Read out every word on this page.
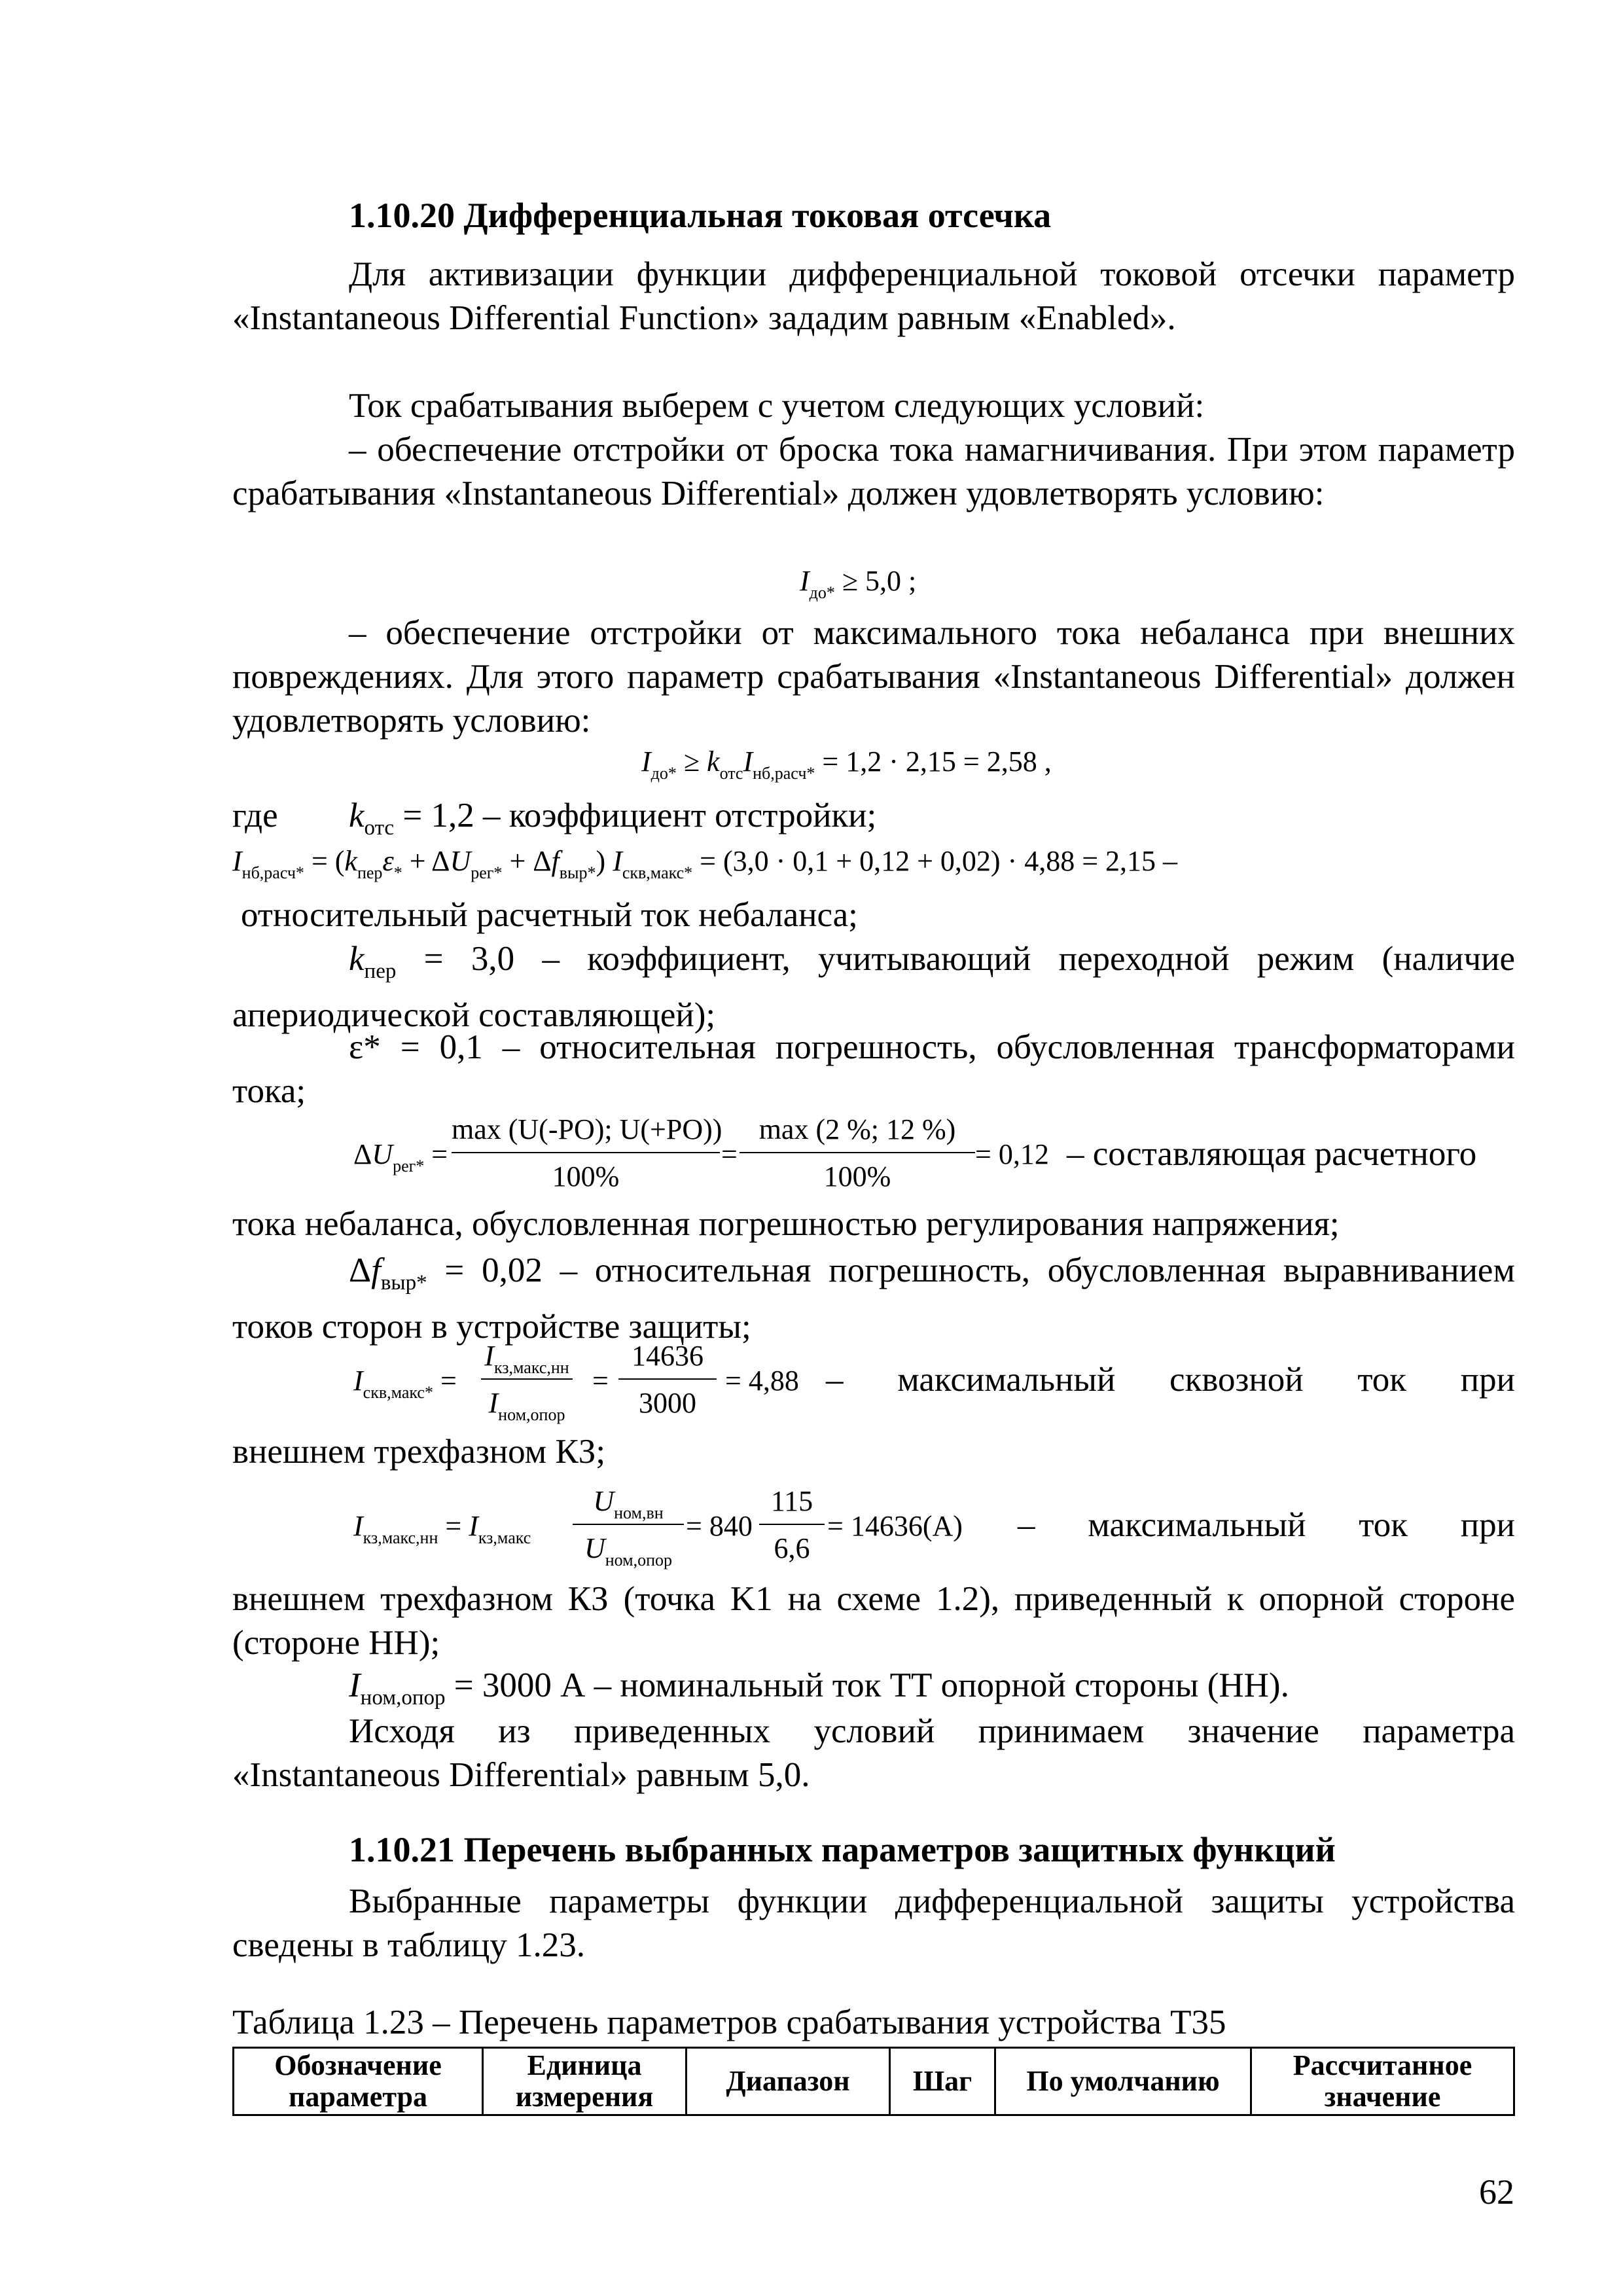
1.10.20 Дифференциальная токовая отсечка
Для активизации функции дифференциальной токовой отсечки параметр «Instantaneous Differential Function» зададим равным «Enabled».
Ток срабатывания выберем с учетом следующих условий:
– обеспечение отстройки от броска тока намагничивания. При этом параметр срабатывания «Instantaneous Differential» должен удовлетворять условию:
$I_{до*} \ge 5,0$ ;
– обеспечение отстройки от максимального тока небаланса при внешних повреждениях. Для этого параметр срабатывания «Instantaneous Differential» должен удовлетворять условию:
$I_{до*} \ge k_{отс}I_{нб,расч*} = 1,2 \cdot 2,15 = 2,58$ ,
где $k_{отс} = 1,2$ – коэффициент отстройки;
$I_{нб,расч*} = (k_{пер}\varepsilon_* + \Delta U_{рег*} + \Delta f_{выр*}) I_{скв,макс*} = (3,0 \cdot 0,1 + 0,12 + 0,02) \cdot 4,88 = 2,15$ –
относительный расчетный ток небаланса;
$k_{пер} = 3,0$ – коэффициент, учитывающий переходной режим (наличие апериодической составляющей);
ε* = 0,1 – относительная погрешность, обусловленная трансформаторами тока;
$\Delta U_{рег*}$ =
max (U(-PO); U(+PO))
100%
=
max (2 %; 12 %)
100%
= 0,12 – составляющая расчетного
тока небаланса, обусловленная погрешностью регулирования напряжения;
$\Delta f_{выр*} = 0,02$ – относительная погрешность, обусловленная выравниванием токов сторон в устройстве защиты;
$I_{скв,макс*}$ =
$I_{кз,макс,нн}$
$I_{ном,опор}$
=
14636
3000
= 4,88 – максимальный сквозной ток при
внешнем трехфазном КЗ;
$I_{кз,макс,нн} = I_{кз,макс}$
$U_{ном,вн}$
$U_{ном,опор}$
= 840
115
6,6
= 14636(A) – максимальный ток при
внешнем трехфазном КЗ (точка K1 на схеме 1.2), приведенный к опорной стороне (стороне НН);
$I_{ном,опор} = 3000$ А – номинальный ток ТТ опорной стороны (НН).
Исходя из приведенных условий принимаем значение параметра «Instantaneous Differential» равным 5,0.
1.10.21 Перечень выбранных параметров защитных функций
Выбранные параметры функции дифференциальной защиты устройства сведены в таблицу 1.23.
Таблица 1.23 – Перечень параметров срабатывания устройства T35
Обозначение параметра	Единица измерения	Диапазон	Шаг	По умолчанию	Рассчитанное значение
62
